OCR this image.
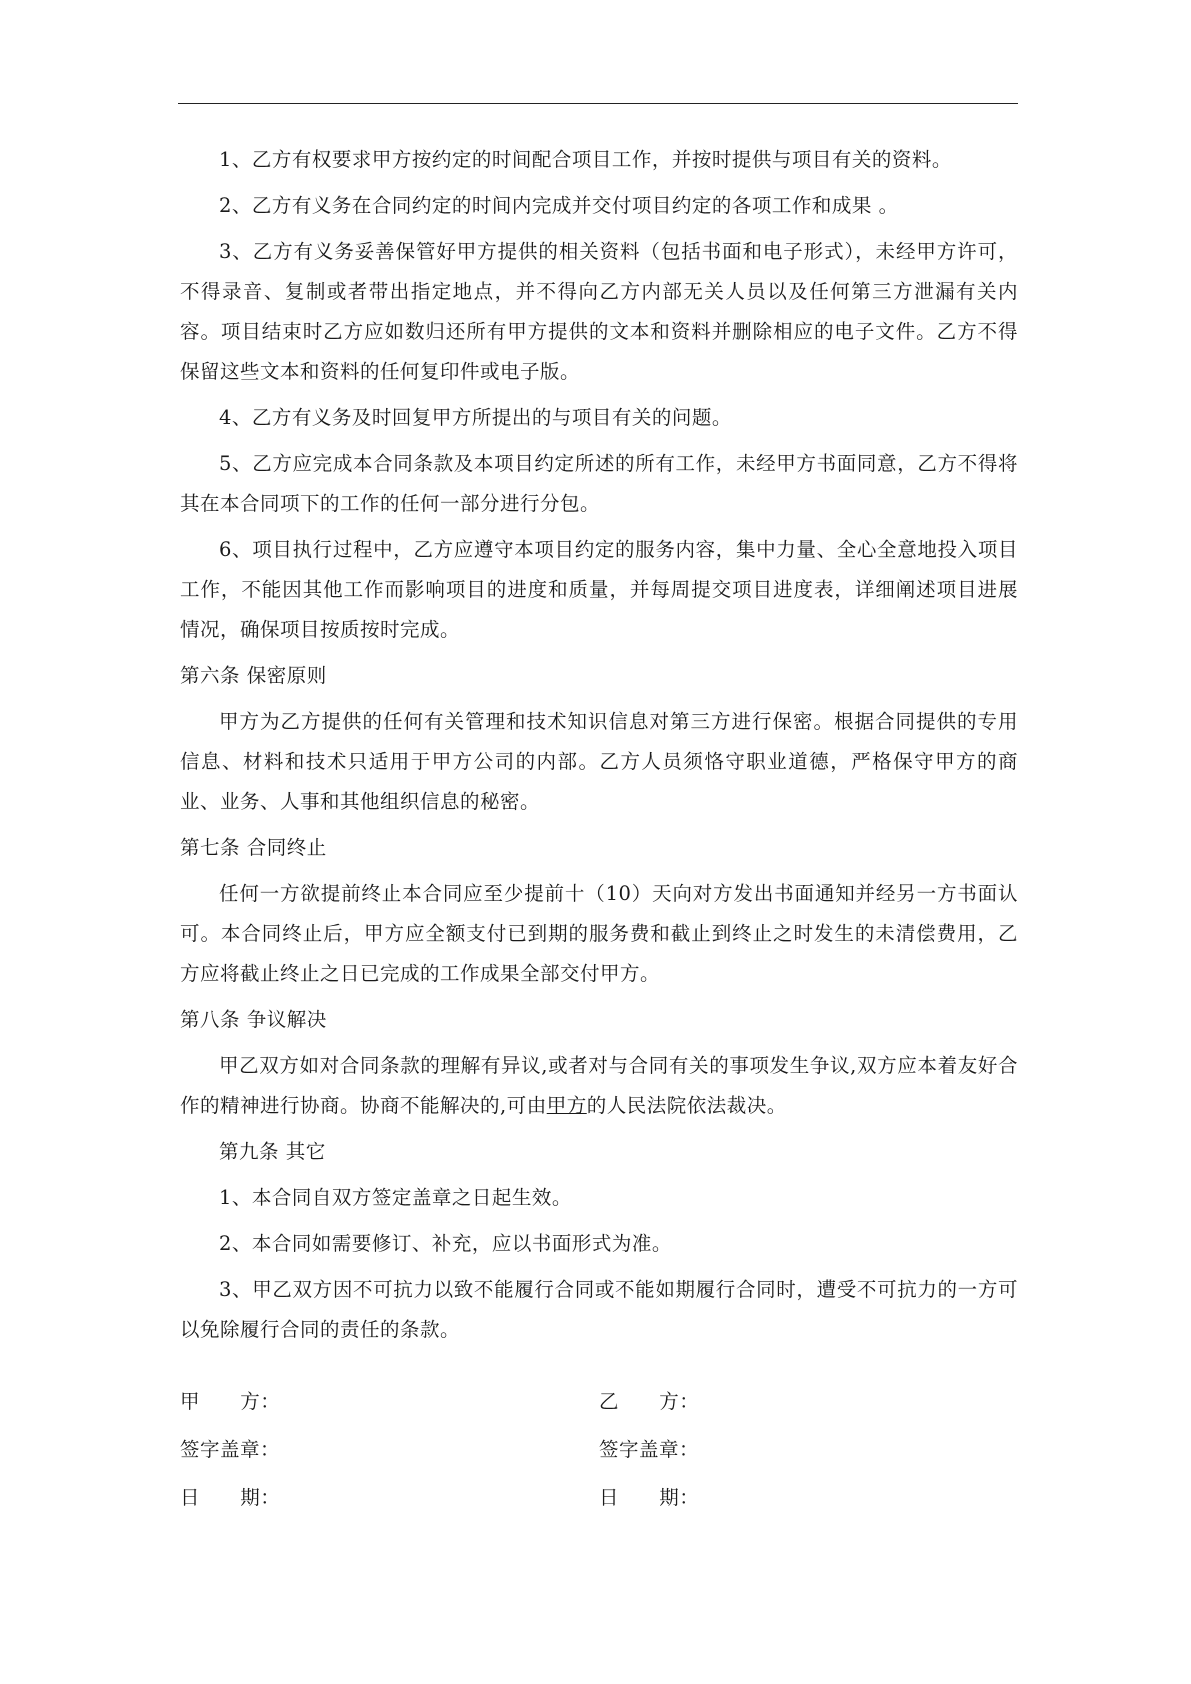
1、乙方有权要求甲方按约定的时间配合项目工作，并按时提供与项目有关的资料。

2、乙方有义务在合同约定的时间内完成并交付项目约定的各项工作和成果 。

3、乙方有义务妥善保管好甲方提供的相关资料（包括书面和电子形式），未经甲方许可，不得录音、复制或者带出指定地点，并不得向乙方内部无关人员以及任何第三方泄漏有关内容。项目结束时乙方应如数归还所有甲方提供的文本和资料并删除相应的电子文件。乙方不得保留这些文本和资料的任何复印件或电子版。

4、乙方有义务及时回复甲方所提出的与项目有关的问题。

5、乙方应完成本合同条款及本项目约定所述的所有工作，未经甲方书面同意，乙方不得将其在本合同项下的工作的任何一部分进行分包。

6、项目执行过程中，乙方应遵守本项目约定的服务内容，集中力量、全心全意地投入项目工作，不能因其他工作而影响项目的进度和质量，并每周提交项目进度表，详细阐述项目进展情况，确保项目按质按时完成。

第六条 保密原则

甲方为乙方提供的任何有关管理和技术知识信息对第三方进行保密。根据合同提供的专用信息、材料和技术只适用于甲方公司的内部。乙方人员须恪守职业道德，严格保守甲方的商业、业务、人事和其他组织信息的秘密。

第七条 合同终止

任何一方欲提前终止本合同应至少提前十（10）天向对方发出书面通知并经另一方书面认可。本合同终止后，甲方应全额支付已到期的服务费和截止到终止之时发生的未清偿费用，乙方应将截止终止之日已完成的工作成果全部交付甲方。

第八条 争议解决

甲乙双方如对合同条款的理解有异议,或者对与合同有关的事项发生争议,双方应本着友好合作的精神进行协商。协商不能解决的,可由甲方的人民法院依法裁决。

第九条 其它

1、本合同自双方签定盖章之日起生效。

2、本合同如需要修订、补充，应以书面形式为准。

3、甲乙双方因不可抗力以致不能履行合同或不能如期履行合同时，遭受不可抗力的一方可以免除履行合同的责任的条款。

甲      方：	乙      方：
签字盖章：	签字盖章：
日      期：	日      期：
